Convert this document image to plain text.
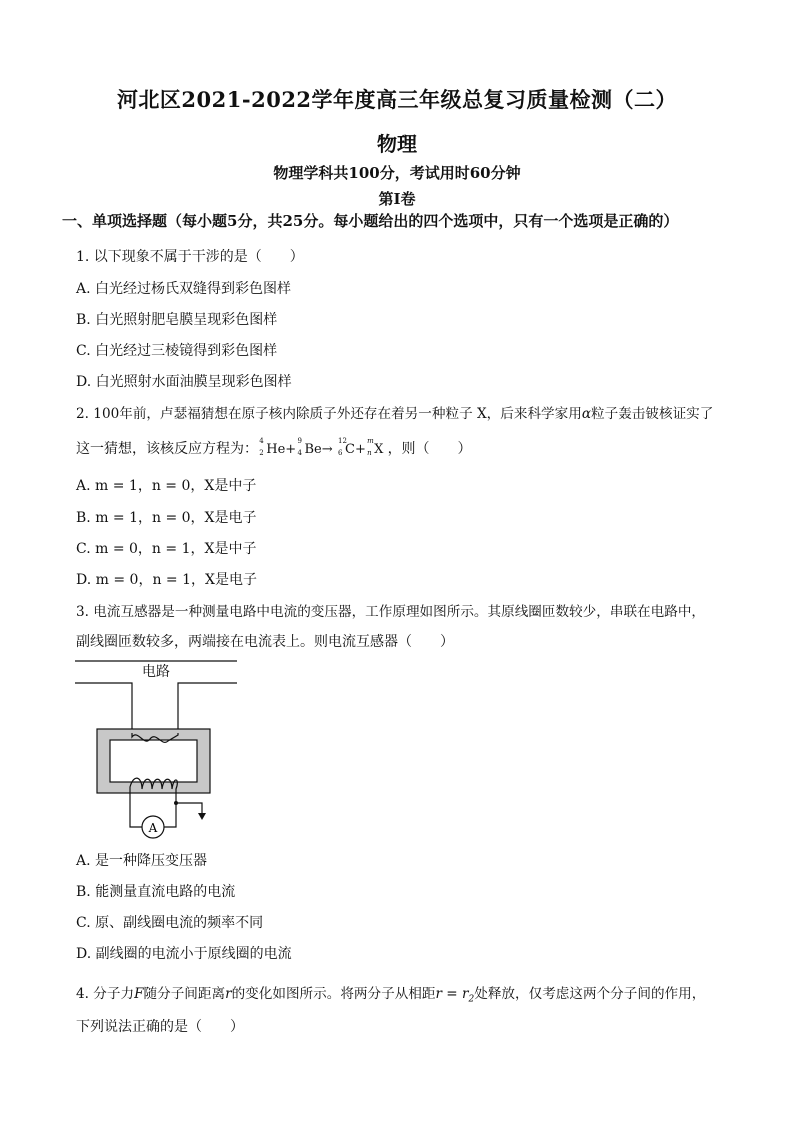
河北区2021-2022学年度高三年级总复习质量检测（二）
物理
物理学科共100分，考试用时60分钟
第I卷
一、单项选择题（每小题5分，共25分。每小题给出的四个选项中，只有一个选项是正确的）
1. 以下现象不属于干涉的是（　　）
A. 白光经过杨氏双缝得到彩色图样
B. 白光照射肥皂膜呈现彩色图样
C. 白光经过三棱镜得到彩色图样
D. 白光照射水面油膜呈现彩色图样
2. 100年前，卢瑟福猜想在原子核内除质子外还存在着另一种粒子 X，后来科学家用α粒子轰击铍核证实了
这一猜想，该核反应方程为： 4
2 He+
9
4 Be→
12
6 C+
m
n X ，则（　　）
A. m = 1，n = 0，X是中子
B. m = 1，n = 0，X是电子
C. m = 0，n = 1，X是中子
D. m = 0，n = 1，X是电子
3. 电流互感器是一种测量电路中电流的变压器，工作原理如图所示。其原线圈匝数较少，串联在电路中，
副线圈匝数较多，两端接在电流表上。则电流互感器（　　）
A
电路
A. 是一种降压变压器
B. 能测量直流电路的电流
C. 原、副线圈电流的频率不同
D. 副线圈的电流小于原线圈的电流
4. 分子力F随分子间距离r的变化如图所示。将两分子从相距$r = r_2$处释放，仅考虑这两个分子间的作用，
下列说法正确的是（　　）
